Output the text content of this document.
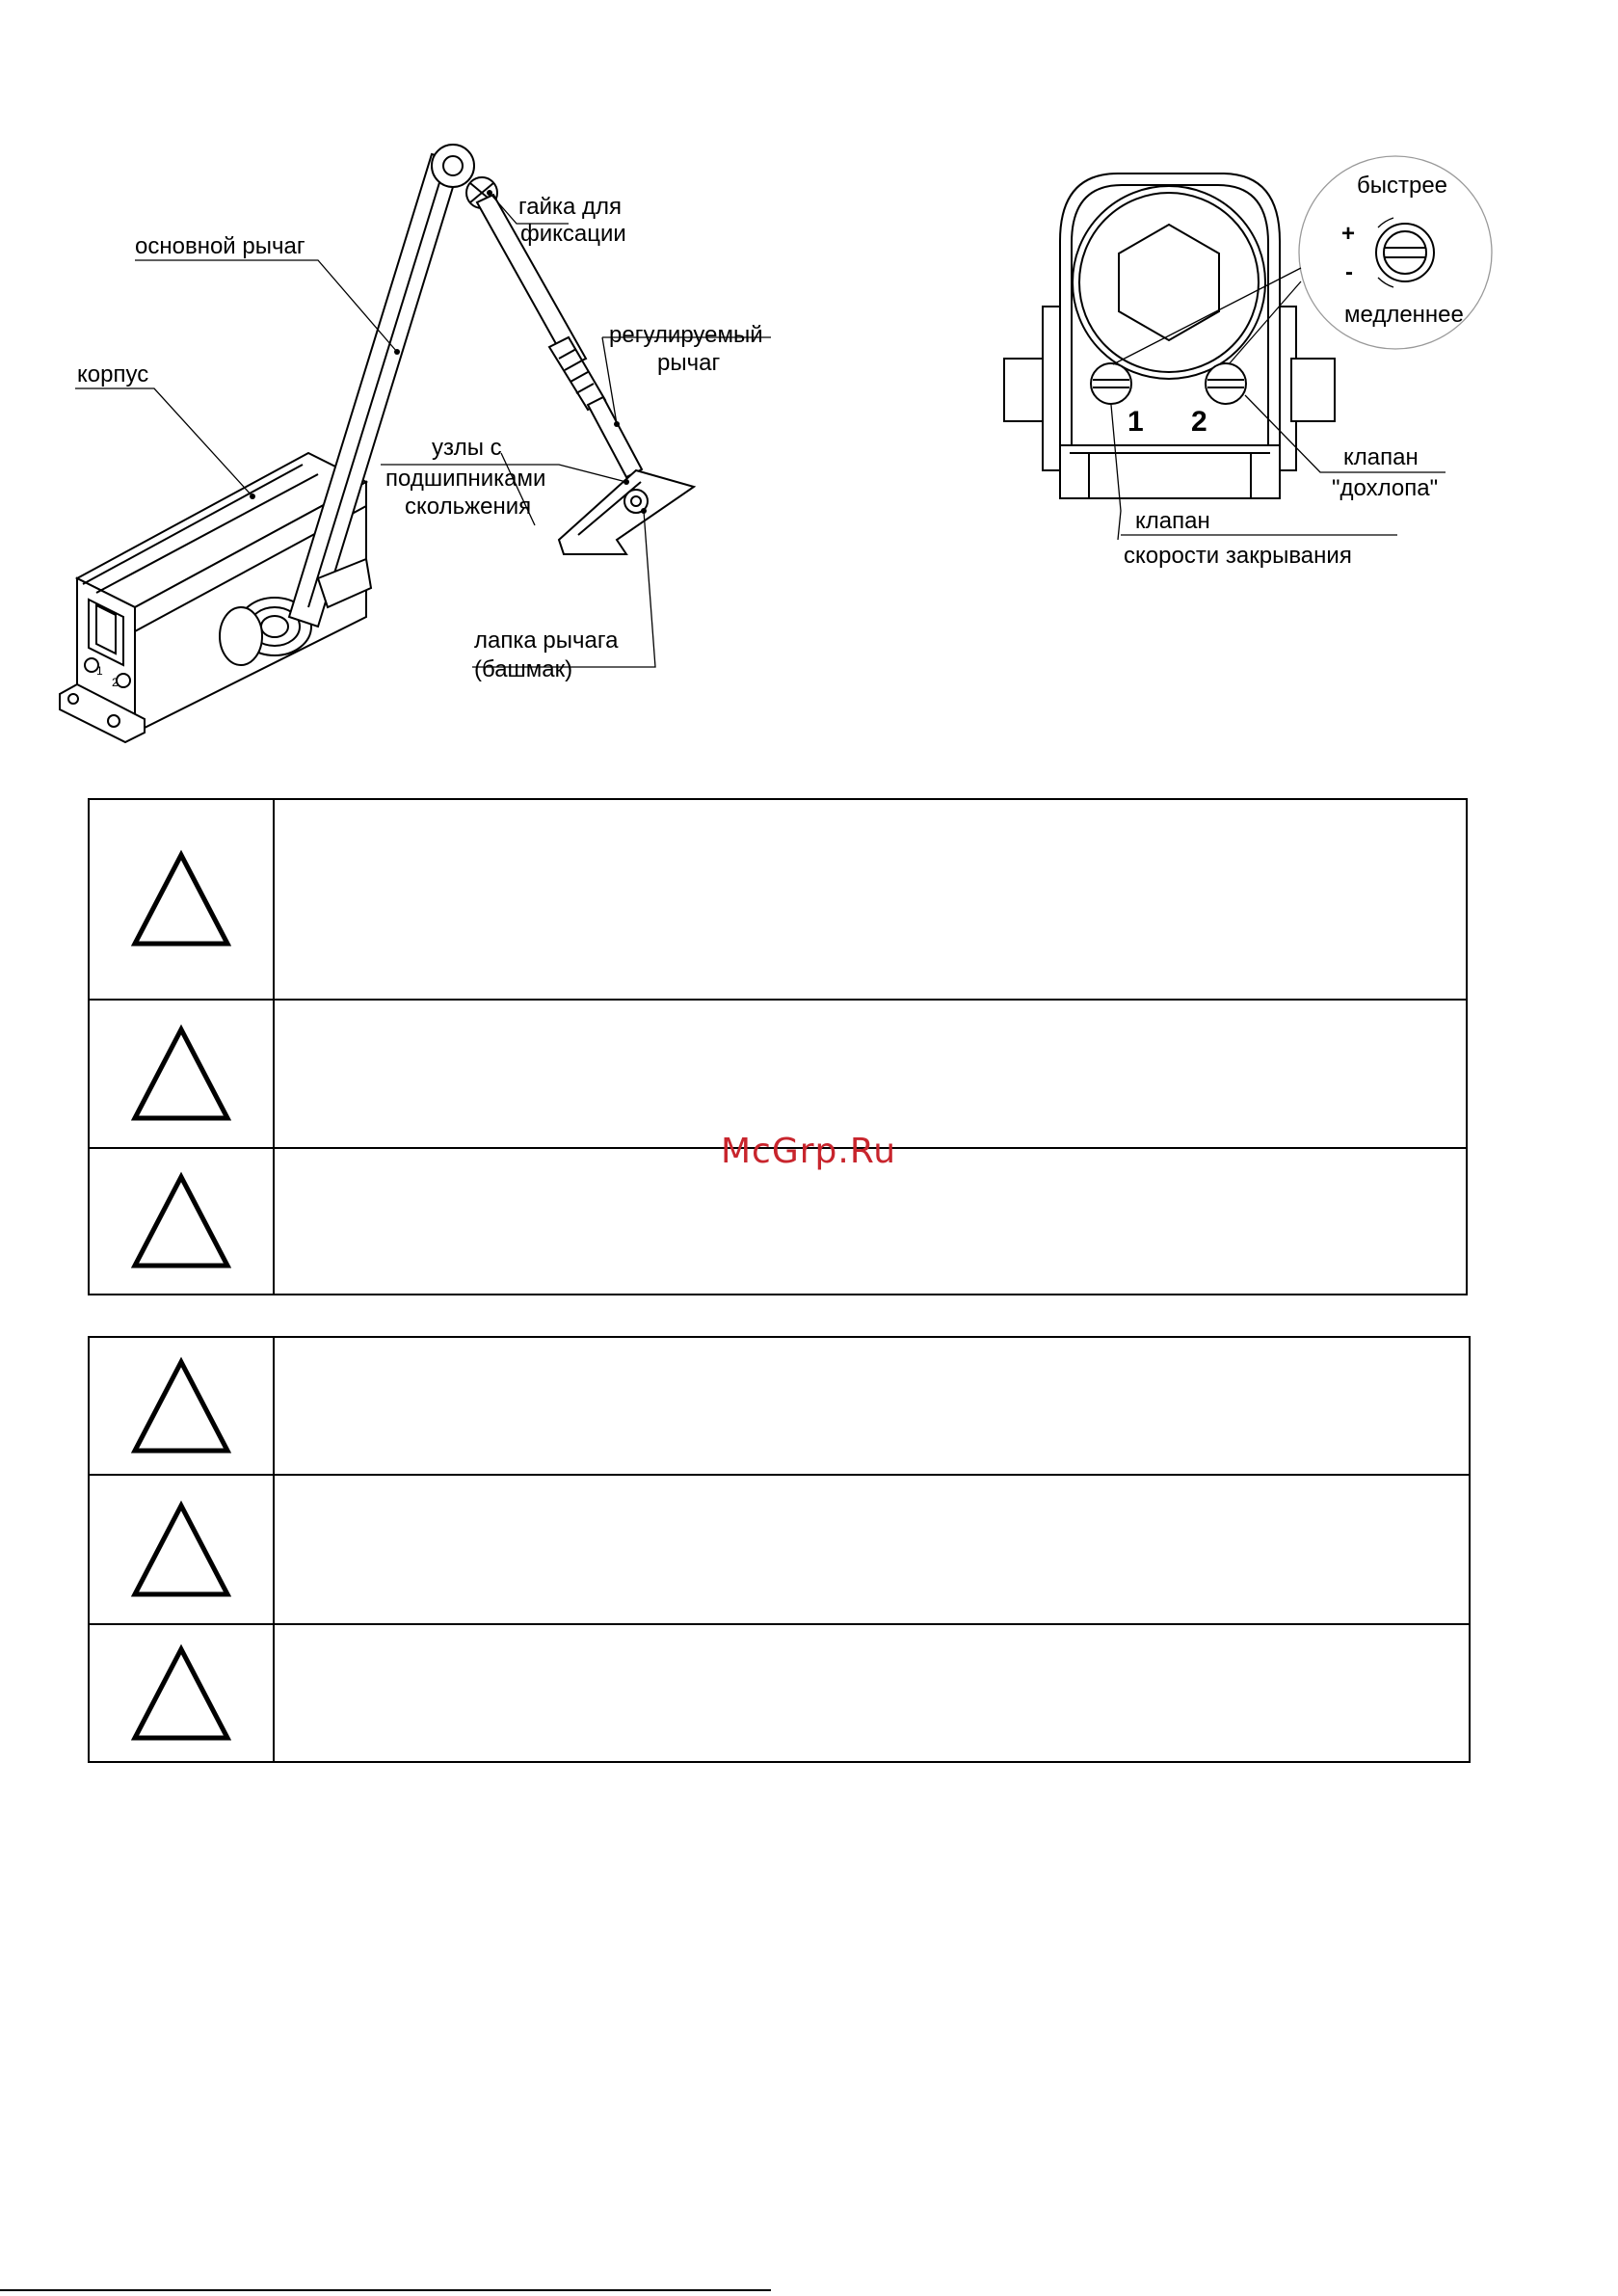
основной рычаг
корпус
гайка для
фиксации
регулируемый
рычаг
узлы с
подшипниками
скольжения
лапка рычага
(башмак)
1
2
быстрее
+
-
медленнее
1 2
клапан
"дохлопа"
клапан
скорости закрывания

McGrp.Ru
